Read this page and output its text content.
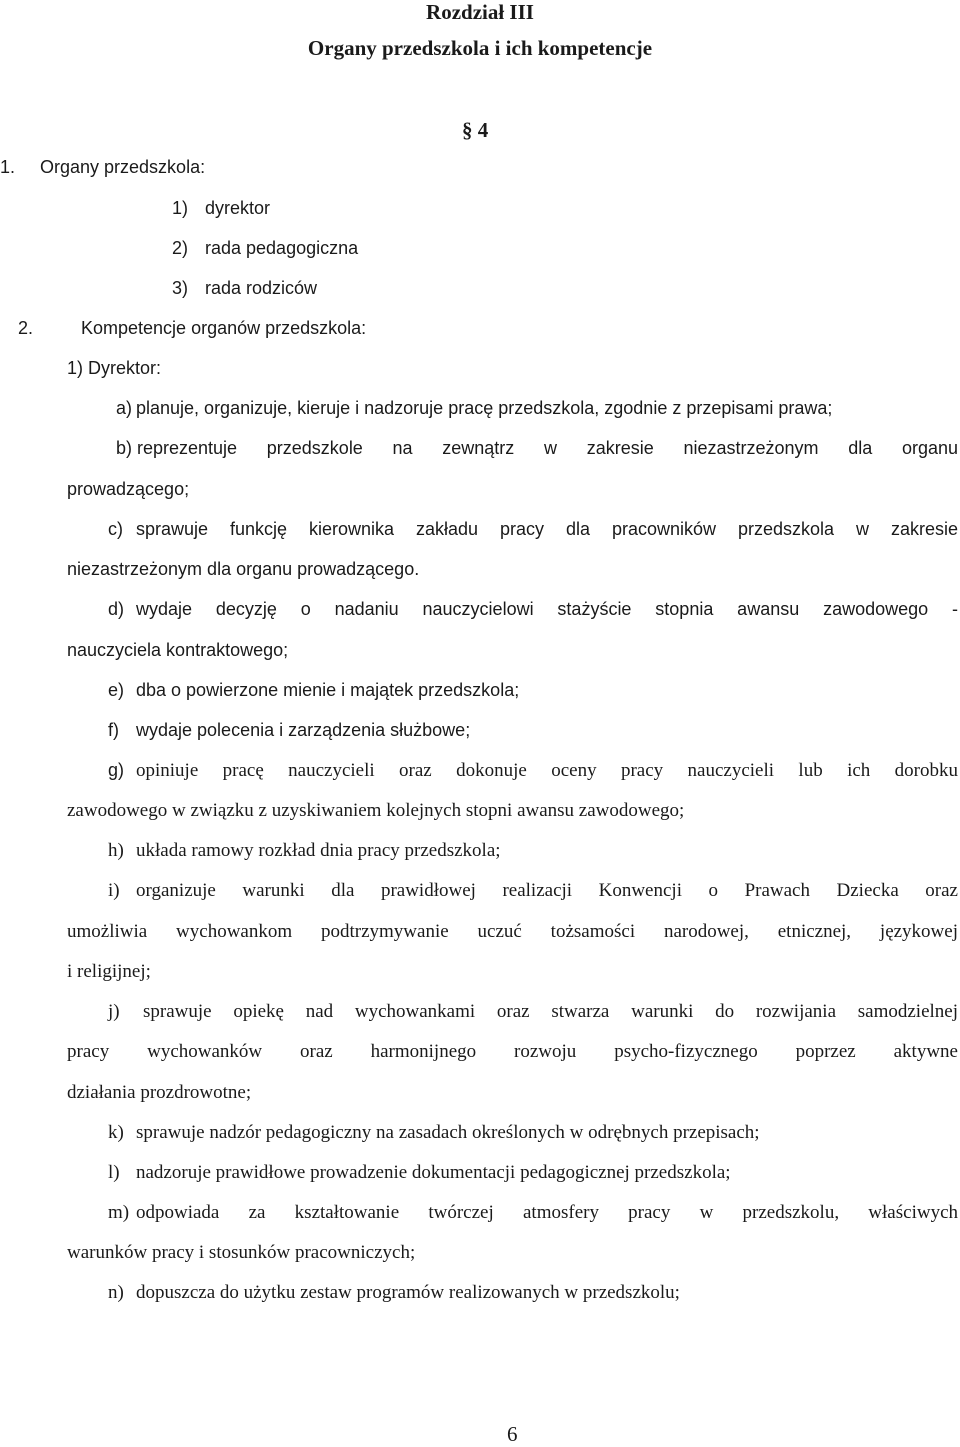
Rozdział III
Organy przedszkola i ich kompetencje
§ 4
1. Organy przedszkola:
1) dyrektor
2) rada pedagogiczna
3) rada rodziców
2.	Kompetencje organów przedszkola:
1) Dyrektor:
a) planuje, organizuje, kieruje i nadzoruje pracę przedszkola, zgodnie z przepisami prawa;
b) reprezentuje przedszkole na zewnątrz w zakresie niezastrzeżonym dla organu
prowadzącego;
c) sprawuje funkcję kierownika zakładu pracy dla pracowników przedszkola w zakresie
niezastrzeżonym dla organu prowadzącego.
d) wydaje decyzję o nadaniu nauczycielowi stażyście stopnia awansu zawodowego -
nauczyciela kontraktowego;
e) dba o powierzone mienie i majątek przedszkola;
f) wydaje polecenia i zarządzenia służbowe;
g) opiniuje pracę nauczycieli oraz dokonuje oceny pracy nauczycieli lub ich dorobku
zawodowego w związku z uzyskiwaniem kolejnych stopni awansu zawodowego;
h) układa ramowy rozkład dnia pracy przedszkola;
i) organizuje warunki dla prawidłowej realizacji Konwencji o Prawach Dziecka oraz
umożliwia wychowankom podtrzymywanie uczuć tożsamości narodowej, etnicznej, językowej
i religijnej;
j) sprawuje opiekę nad wychowankami oraz stwarza warunki do rozwijania samodzielnej
pracy wychowanków oraz harmonijnego rozwoju psycho-fizycznego poprzez aktywne
działania prozdrowotne;
k) sprawuje nadzór pedagogiczny na zasadach określonych w odrębnych przepisach;
l) nadzoruje prawidłowe prowadzenie dokumentacji pedagogicznej przedszkola;
m) odpowiada za kształtowanie twórczej atmosfery pracy w przedszkolu, właściwych
warunków pracy i stosunków pracowniczych;
n) dopuszcza do użytku zestaw programów realizowanych w przedszkolu;
6
